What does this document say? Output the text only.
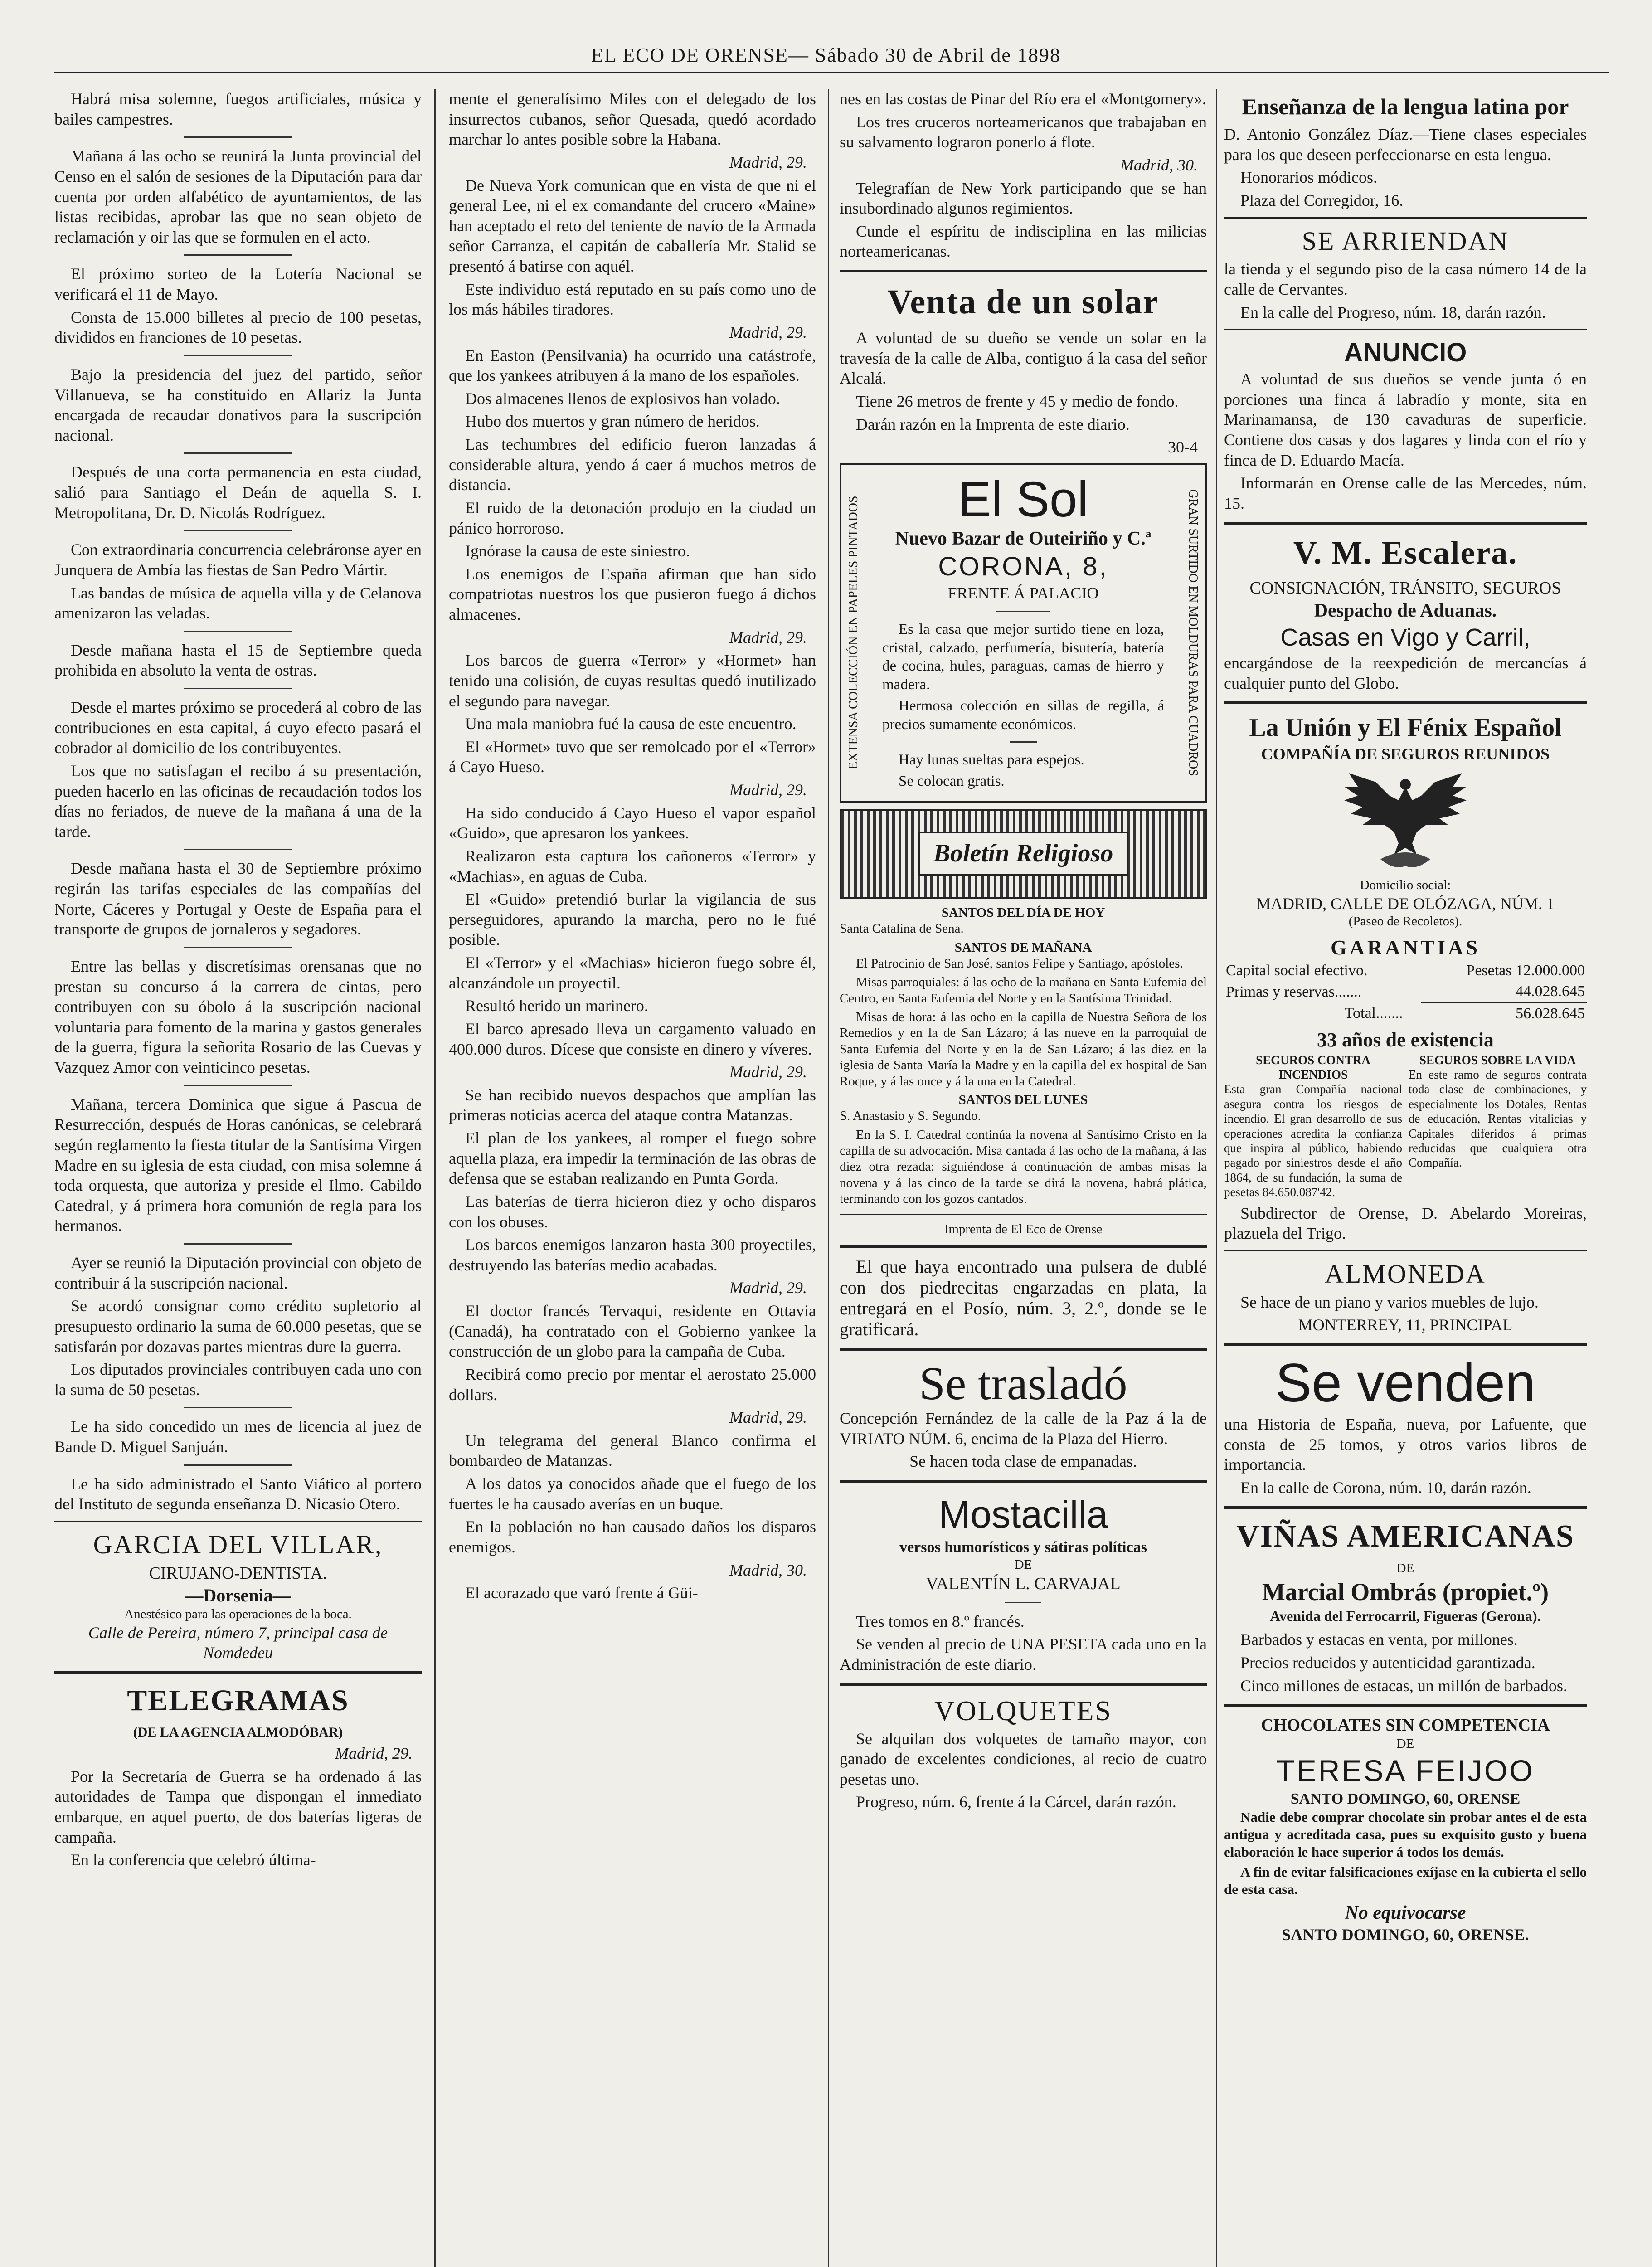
EL ECO DE ORENSE— Sábado 30 de Abril de 1898

Habrá misa solemne, fuegos artificiales, música y bailes campestres.

Mañana á las ocho se reunirá la Junta provincial del Censo en el salón de sesiones de la Diputación para dar cuenta por orden alfabético de ayuntamientos, de las listas recibidas, aprobar las que no sean objeto de reclamación y oir las que se formulen en el acto.

El próximo sorteo de la Lotería Nacional se verificará el 11 de Mayo.

Consta de 15.000 billetes al precio de 100 pesetas, divididos en franciones de 10 pesetas.

Bajo la presidencia del juez del partido, señor Villanueva, se ha constituido en Allariz la Junta encargada de recaudar donativos para la suscripción nacional.

Después de una corta permanencia en esta ciudad, salió para Santiago el Deán de aquella S. I. Metropolitana, Dr. D. Nicolás Rodríguez.

Con extraordinaria concurrencia celebráronse ayer en Junquera de Ambía las fiestas de San Pedro Mártir.

Las bandas de música de aquella villa y de Celanova amenizaron las veladas.

Desde mañana hasta el 15 de Septiembre queda prohibida en absoluto la venta de ostras.

Desde el martes próximo se procederá al cobro de las contribuciones en esta capital, á cuyo efecto pasará el cobrador al domicilio de los contribuyentes.

Los que no satisfagan el recibo á su presentación, pueden hacerlo en las oficinas de recaudación todos los días no feriados, de nueve de la mañana á una de la tarde.

Desde mañana hasta el 30 de Septiembre próximo regirán las tarifas especiales de las compañías del Norte, Cáceres y Portugal y Oeste de España para el transporte de grupos de jornaleros y segadores.

Entre las bellas y discretísimas orensanas que no prestan su concurso á la carrera de cintas, pero contribuyen con su óbolo á la suscripción nacional voluntaria para fomento de la marina y gastos generales de la guerra, figura la señorita Rosario de las Cuevas y Vazquez Amor con veinticinco pesetas.

Mañana, tercera Dominica que sigue á Pascua de Resurrección, después de Horas canónicas, se celebrará según reglamento la fiesta titular de la Santísima Virgen Madre en su iglesia de esta ciudad, con misa solemne á toda orquesta, que autoriza y preside el Ilmo. Cabildo Catedral, y á primera hora comunión de regla para los hermanos.

Ayer se reunió la Diputación provincial con objeto de contribuir á la suscripción nacional.

Se acordó consignar como crédito supletorio al presupuesto ordinario la suma de 60.000 pesetas, que se satisfarán por dozavas partes mientras dure la guerra.

Los diputados provinciales contribuyen cada uno con la suma de 50 pesetas.

Le ha sido concedido un mes de licencia al juez de Bande D. Miguel Sanjuán.

Le ha sido administrado el Santo Viático al portero del Instituto de segunda enseñanza D. Nicasio Otero.

GARCIA DEL VILLAR,
CIRUJANO-DENTISTA.
—Dorsenia—
Anestésico para las operaciones de la boca.
Calle de Pereira, número 7, principal casa de Nomdedeu
TELEGRAMAS
(DE LA AGENCIA ALMODÓBAR)
Madrid, 29.

Por la Secretaría de Guerra se ha ordenado á las autoridades de Tampa que dispongan el inmediato embarque, en aquel puerto, de dos baterías ligeras de campaña.

En la conferencia que celebró última-

mente el generalísimo Miles con el delegado de los insurrectos cubanos, señor Quesada, quedó acordado marchar lo antes posible sobre la Habana.

Madrid, 29.

De Nueva York comunican que en vista de que ni el general Lee, ni el ex comandante del crucero «Maine» han aceptado el reto del teniente de navío de la Armada señor Carranza, el capitán de caballería Mr. Stalid se presentó á batirse con aquél.

Este individuo está reputado en su país como uno de los más hábiles tiradores.

Madrid, 29.

En Easton (Pensilvania) ha ocurrido una catástrofe, que los yankees atribuyen á la mano de los españoles.

Dos almacenes llenos de explosivos han volado.

Hubo dos muertos y gran número de heridos.

Las techumbres del edificio fueron lanzadas á considerable altura, yendo á caer á muchos metros de distancia.

El ruido de la detonación produjo en la ciudad un pánico horroroso.

Ignórase la causa de este siniestro.

Los enemigos de España afirman que han sido compatriotas nuestros los que pusieron fuego á dichos almacenes.

Madrid, 29.

Los barcos de guerra «Terror» y «Hormet» han tenido una colisión, de cuyas resultas quedó inutilizado el segundo para navegar.

Una mala maniobra fué la causa de este encuentro.

El «Hormet» tuvo que ser remolcado por el «Terror» á Cayo Hueso.

Madrid, 29.

Ha sido conducido á Cayo Hueso el vapor español «Guido», que apresaron los yankees.

Realizaron esta captura los cañoneros «Terror» y «Machias», en aguas de Cuba.

El «Guido» pretendió burlar la vigilancia de sus perseguidores, apurando la marcha, pero no le fué posible.

El «Terror» y el «Machias» hicieron fuego sobre él, alcanzándole un proyectil.

Resultó herido un marinero.

El barco apresado lleva un cargamento valuado en 400.000 duros. Dícese que consiste en dinero y víveres.

Madrid, 29.

Se han recibido nuevos despachos que amplían las primeras noticias acerca del ataque contra Matanzas.

El plan de los yankees, al romper el fuego sobre aquella plaza, era impedir la terminación de las obras de defensa que se estaban realizando en Punta Gorda.

Las baterías de tierra hicieron diez y ocho disparos con los obuses.

Los barcos enemigos lanzaron hasta 300 proyectiles, destruyendo las baterías medio acabadas.

Madrid, 29.

El doctor francés Tervaqui, residente en Ottavia (Canadá), ha contratado con el Gobierno yankee la construcción de un globo para la campaña de Cuba.

Recibirá como precio por mentar el aerostato 25.000 dollars.

Madrid, 29.

Un telegrama del general Blanco confirma el bombardeo de Matanzas.

A los datos ya conocidos añade que el fuego de los fuertes le ha causado averías en un buque.

En la población no han causado daños los disparos enemigos.

Madrid, 30.

El acorazado que varó frente á Güi-

nes en las costas de Pinar del Río era el «Montgomery».

Los tres cruceros norteamericanos que trabajaban en su salvamento lograron ponerlo á flote.

Madrid, 30.

Telegrafían de New York participando que se han insubordinado algunos regimientos.

Cunde el espíritu de indisciplina en las milicias norteamericanas.

Venta de un solar

A voluntad de su dueño se vende un solar en la travesía de la calle de Alba, contiguo á la casa del señor Alcalá.

Tiene 26 metros de frente y 45 y medio de fondo.

Darán razón en la Imprenta de este diario.

30-4
EXTENSA COLECCIÓN EN PAPELES PINTADOS	GRAN SURTIDO EN MOLDURAS PARA CUADROS
El Sol
Nuevo Bazar de Outeiriño y C.ª
CORONA, 8,
FRENTE Á PALACIO

Es la casa que mejor surtido tiene en loza, cristal, calzado, perfumería, bisutería, batería de cocina, hules, paraguas, camas de hierro y madera.

Hermosa colección en sillas de regilla, á precios sumamente económicos.

Hay lunas sueltas para espejos.

Se colocan gratis.

Boletín Religioso
SANTOS DEL DÍA DE HOY

Santa Catalina de Sena.

SANTOS DE MAÑANA

El Patrocinio de San José, santos Felipe y Santiago, apóstoles.

Misas parroquiales: á las ocho de la mañana en Santa Eufemia del Centro, en Santa Eufemia del Norte y en la Santísima Trinidad.

Misas de hora: á las ocho en la capilla de Nuestra Señora de los Remedios y en la de San Lázaro; á las nueve en la parroquial de Santa Eufemia del Norte y en la de San Lázaro; á las diez en la iglesia de Santa María la Madre y en la capilla del ex hospital de San Roque, y á las once y á la una en la Catedral.

SANTOS DEL LUNES

S. Anastasio y S. Segundo.

En la S. I. Catedral continúa la novena al Santísimo Cristo en la capilla de su advocación. Misa cantada á las ocho de la mañana, á las diez otra rezada; siguiéndose á continuación de ambas misas la novena y á las cinco de la tarde se dirá la novena, habrá plática, terminando con los gozos cantados.

Imprenta de El Eco de Orense

El que haya encontrado una pulsera de dublé con dos piedrecitas engarzadas en plata, la entregará en el Posío, núm. 3, 2.º, donde se le gratificará.

Se trasladó

Concepción Fernández de la calle de la Paz á la de VIRIATO NÚM. 6, encima de la Plaza del Hierro.

Se hacen toda clase de empanadas.
Mostacilla
versos humorísticos y sátiras políticas
DE
VALENTÍN L. CARVAJAL

Tres tomos en 8.º francés.

Se venden al precio de UNA PESETA cada uno en la Administración de este diario.

VOLQUETES

Se alquilan dos volquetes de tamaño mayor, con ganado de excelentes condiciones, al recio de cuatro pesetas uno.

Progreso, núm. 6, frente á la Cárcel, darán razón.

Enseñanza de la lengua latina por

D. Antonio González Díaz.—Tiene clases especiales para los que deseen perfeccionarse en esta lengua.

Honorarios módicos.

Plaza del Corregidor, 16.

SE ARRIENDAN

la tienda y el segundo piso de la casa número 14 de la calle de Cervantes.

En la calle del Progreso, núm. 18, darán razón.

ANUNCIO

A voluntad de sus dueños se vende junta ó en porciones una finca á labradío y monte, sita en Marinamansa, de 130 cavaduras de superficie. Contiene dos casas y dos lagares y linda con el río y finca de D. Eduardo Macía.

Informarán en Orense calle de las Mercedes, núm. 15.

V. M. Escalera.
CONSIGNACIÓN, TRÁNSITO, SEGUROS
Despacho de Aduanas.
Casas en Vigo y Carril,

encargándose de la reexpedición de mercancías á cualquier punto del Globo.

La Unión y El Fénix Español
COMPAÑÍA DE SEGUROS REUNIDOS
Domicilio social:
MADRID, CALLE DE OLÓZAGA, NÚM. 1
(Paseo de Recoletos).
GARANTIAS
Capital social efectivo.	Pesetas 12.000.000
Primas y reservas.......	44.028.645
Total.......	56.028.645
33 años de existencia
SEGUROS CONTRA INCENDIOS
Esta gran Compañía nacional asegura contra los riesgos de incendio. El gran desarrollo de sus operaciones acredita la confianza que inspira al público, habiendo pagado por siniestros desde el año 1864, de su fundación, la suma de pesetas 84.650.087'42.
SEGUROS SOBRE LA VIDA
En este ramo de seguros contrata toda clase de combinaciones, y especialmente los Dotales, Rentas de educación, Rentas vitalicias y Capitales diferidos á primas reducidas que cualquiera otra Compañía.

Subdirector de Orense, D. Abelardo Moreiras, plazuela del Trigo.

ALMONEDA

Se hace de un piano y varios muebles de lujo.

MONTERREY, 11, PRINCIPAL
Se venden

una Historia de España, nueva, por Lafuente, que consta de 25 tomos, y otros varios libros de importancia.

En la calle de Corona, núm. 10, darán razón.

VIÑAS AMERICANAS
DE
Marcial Ombrás (propiet.º)
Avenida del Ferrocarril, Figueras (Gerona).

Barbados y estacas en venta, por millones.

Precios reducidos y autenticidad garantizada.

Cinco millones de estacas, un millón de barbados.

CHOCOLATES SIN COMPETENCIA
DE
TERESA FEIJOO
SANTO DOMINGO, 60, ORENSE

Nadie debe comprar chocolate sin probar antes el de esta antigua y acreditada casa, pues su exquisito gusto y buena elaboración le hace superior á todos los demás.

A fin de evitar falsificaciones exíjase en la cubierta el sello de esta casa.

No equivocarse
SANTO DOMINGO, 60, ORENSE.
